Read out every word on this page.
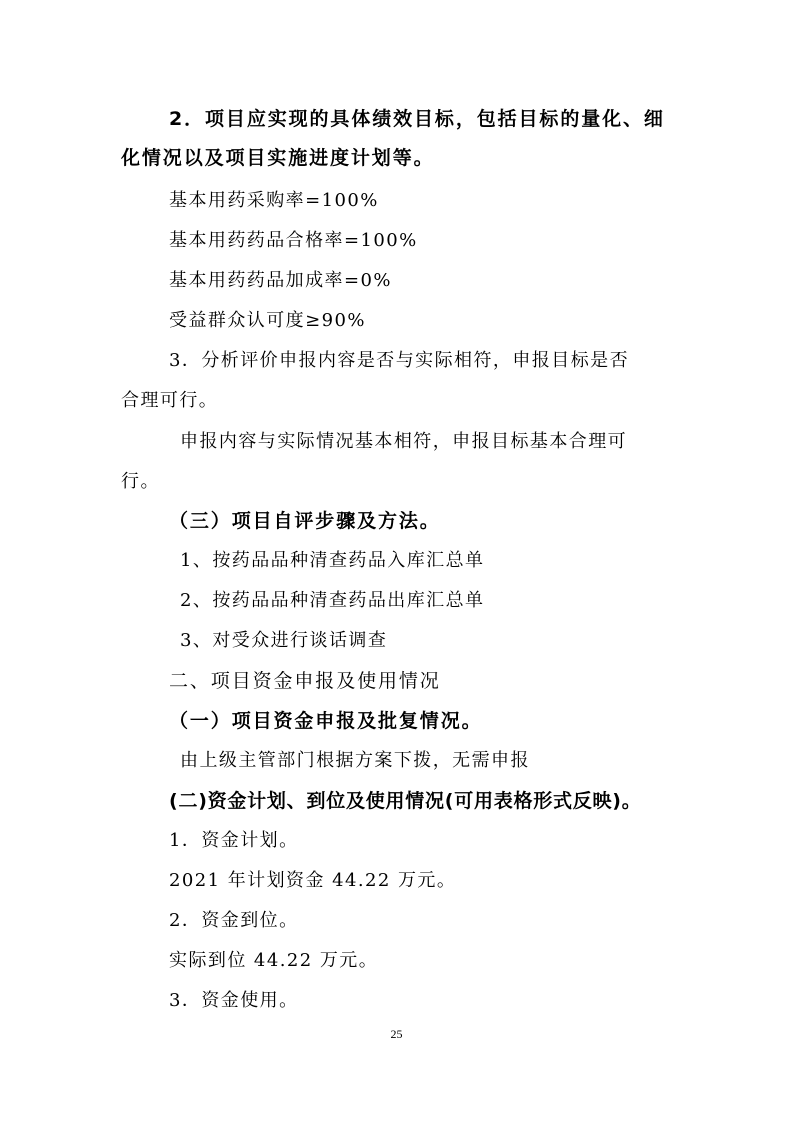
2．项目应实现的具体绩效目标，包括目标的量化、细

化情况以及项目实施进度计划等。

基本用药采购率=100%

基本用药药品合格率=100%

基本用药药品加成率=0%

受益群众认可度≥90%

3．分析评价申报内容是否与实际相符，申报目标是否

合理可行。

申报内容与实际情况基本相符，申报目标基本合理可

行。

（三）项目自评步骤及方法。

1、按药品品种清查药品入库汇总单

2、按药品品种清查药品出库汇总单

3、对受众进行谈话调查

二、项目资金申报及使用情况

（一）项目资金申报及批复情况。

由上级主管部门根据方案下拨，无需申报

(二)资金计划、到位及使用情况(可用表格形式反映)。

1．资金计划。

2021 年计划资金 44.22 万元。

2．资金到位。

实际到位 44.22 万元。

3．资金使用。

25
